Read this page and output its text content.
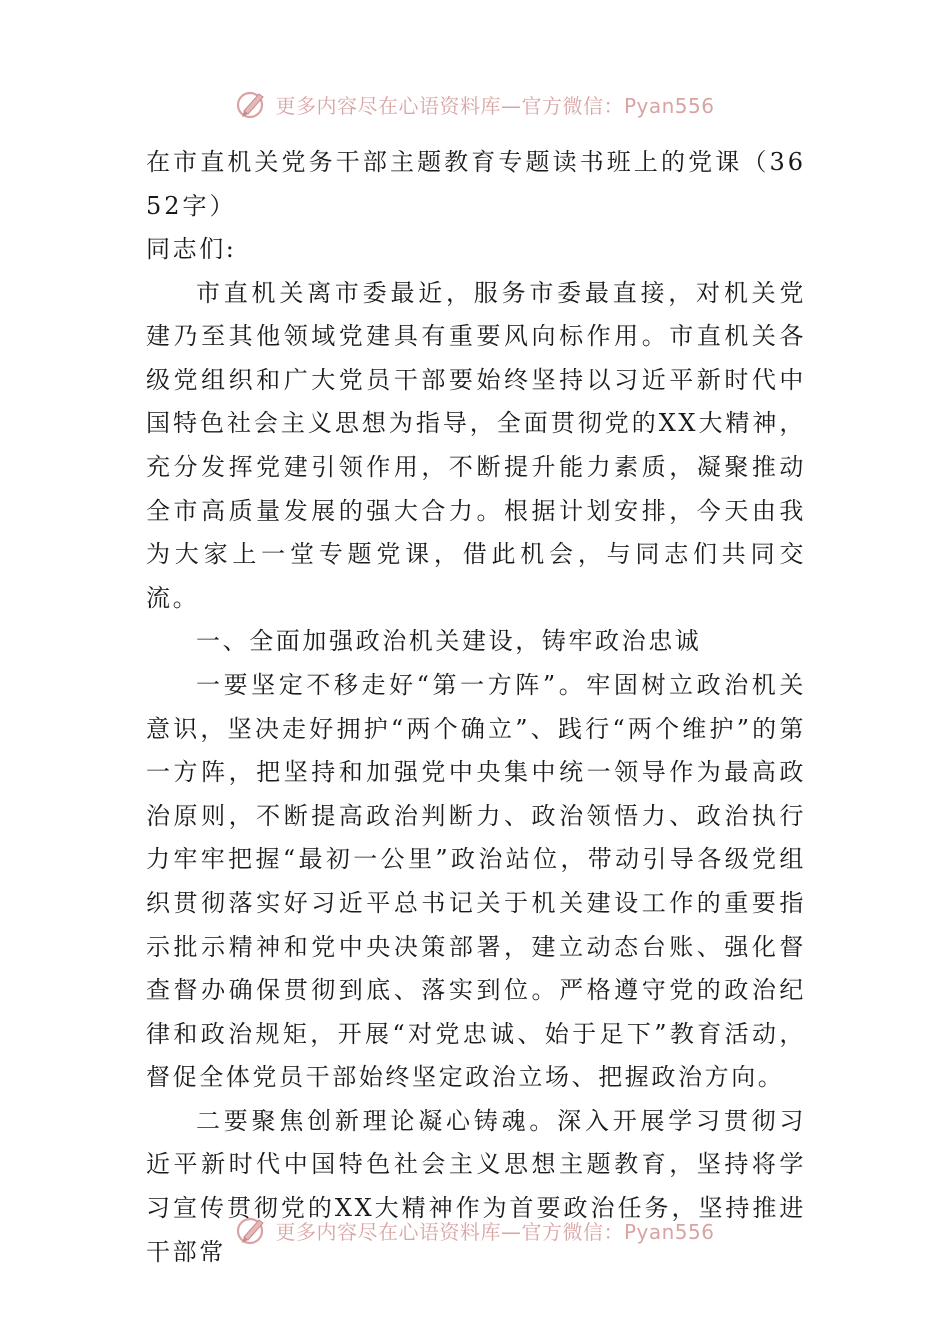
更多内容尽在心语资料库—官方微信：Pyan556

在市直机关党务干部主题教育专题读书班上的党课（3652字）

同志们:

市直机关离市委最近，服务市委最直接，对机关党建乃至其他领域党建具有重要风向标作用。市直机关各级党组织和广大党员干部要始终坚持以习近平新时代中国特色社会主义思想为指导，全面贯彻党的XX大精神，充分发挥党建引领作用，不断提升能力素质，凝聚推动全市高质量发展的强大合力。根据计划安排，今天由我为大家上一堂专题党课，借此机会，与同志们共同交流。

一、全面加强政治机关建设，铸牢政治忠诚

一要坚定不移走好“第一方阵”。牢固树立政治机关意识，坚决走好拥护“两个确立”、践行“两个维护”的第一方阵，把坚持和加强党中央集中统一领导作为最高政治原则，不断提高政治判断力、政治领悟力、政治执行力牢牢把握“最初一公里”政治站位，带动引导各级党组织贯彻落实好习近平总书记关于机关建设工作的重要指示批示精神和党中央决策部署，建立动态台账、强化督查督办确保贯彻到底、落实到位。严格遵守党的政治纪律和政治规矩，开展“对党忠诚、始于足下”教育活动，督促全体党员干部始终坚定政治立场、把握政治方向。

二要聚焦创新理论凝心铸魂。深入开展学习贯彻习近平新时代中国特色社会主义思想主题教育，坚持将学习宣传贯彻党的XX大精神作为首要政治任务，坚持推进干部常

更多内容尽在心语资料库—官方微信：Pyan556
